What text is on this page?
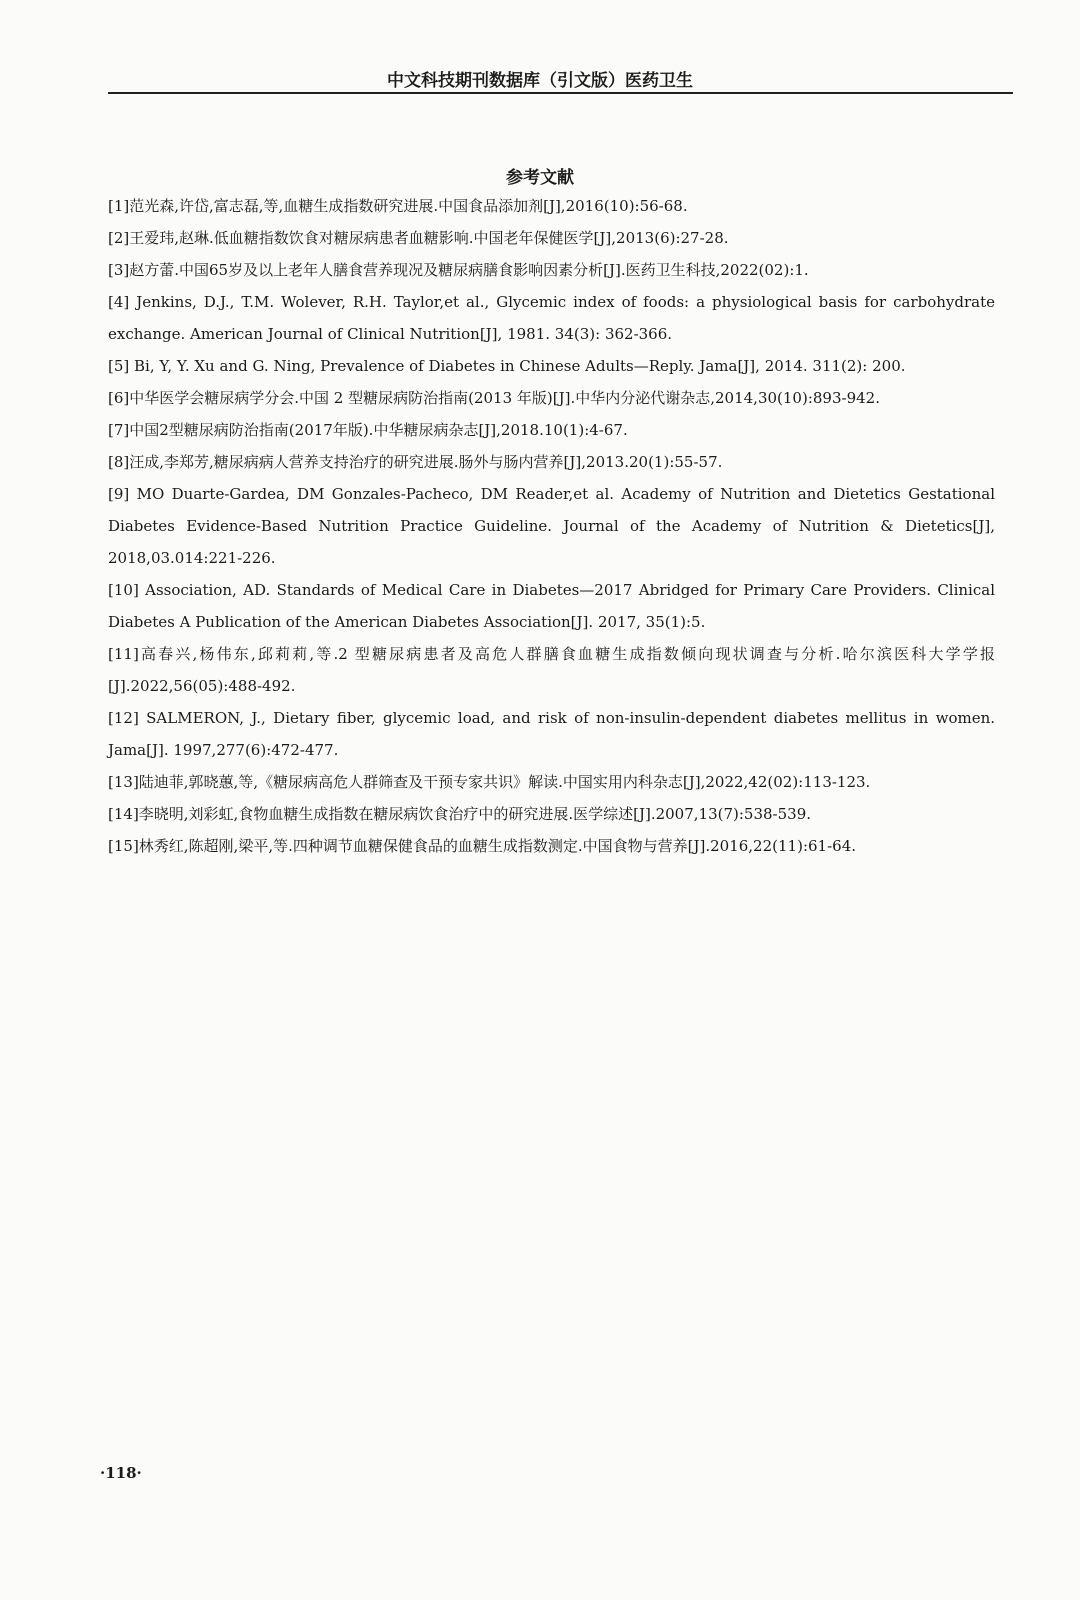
中文科技期刊数据库（引文版）医药卫生
参考文献

[1]范光森,许岱,富志磊,等,血糖生成指数研究进展.中国食品添加剂[J],2016(10):56-68.

[2]王爱玮,赵琳.低血糖指数饮食对糖尿病患者血糖影响.中国老年保健医学[J],2013(6):27-28.

[3]赵方蕾.中国65岁及以上老年人膳食营养现况及糖尿病膳食影响因素分析[J].医药卫生科技,2022(02):1.

[4] Jenkins, D.J., T.M. Wolever, R.H. Taylor,et al., Glycemic index of foods: a physiological basis for carbohydrate exchange. American Journal of Clinical Nutrition[J], 1981. 34(3): 362-366.

[5] Bi, Y, Y. Xu and G. Ning, Prevalence of Diabetes in Chinese Adults—Reply. Jama[J], 2014. 311(2): 200.

[6]中华医学会糖尿病学分会.中国 2 型糖尿病防治指南(2013 年版)[J].中华内分泌代谢杂志,2014,30(10):893-942.

[7]中国2型糖尿病防治指南(2017年版).中华糖尿病杂志[J],2018.10(1):4-67.

[8]汪成,李郑芳,糖尿病病人营养支持治疗的研究进展.肠外与肠内营养[J],2013.20(1):55-57.

[9] MO Duarte-Gardea, DM Gonzales-Pacheco, DM Reader,et al. Academy of Nutrition and Dietetics Gestational Diabetes Evidence-Based Nutrition Practice Guideline. Journal of the Academy of Nutrition & Dietetics[J], 2018,03.014:221-226.

[10] Association, AD. Standards of Medical Care in Diabetes—2017 Abridged for Primary Care Providers. Clinical Diabetes A Publication of the American Diabetes Association[J]. 2017, 35(1):5.

[11]高春兴,杨伟东,邱莉莉,等.2 型糖尿病患者及高危人群膳食血糖生成指数倾向现状调查与分析.哈尔滨医科大学学报[J].2022,56(05):488-492.

[12] SALMERON, J., Dietary fiber, glycemic load, and risk of non-insulin-dependent diabetes mellitus in women. Jama[J]. 1997,277(6):472-477.

[13]陆迪菲,郭晓蕙,等,《糖尿病高危人群筛查及干预专家共识》解读.中国实用内科杂志[J],2022,42(02):113-123.

[14]李晓明,刘彩虹,食物血糖生成指数在糖尿病饮食治疗中的研究进展.医学综述[J].2007,13(7):538-539.

[15]林秀红,陈超刚,梁平,等.四种调节血糖保健食品的血糖生成指数测定.中国食物与营养[J].2016,22(11):61-64.

·118·
